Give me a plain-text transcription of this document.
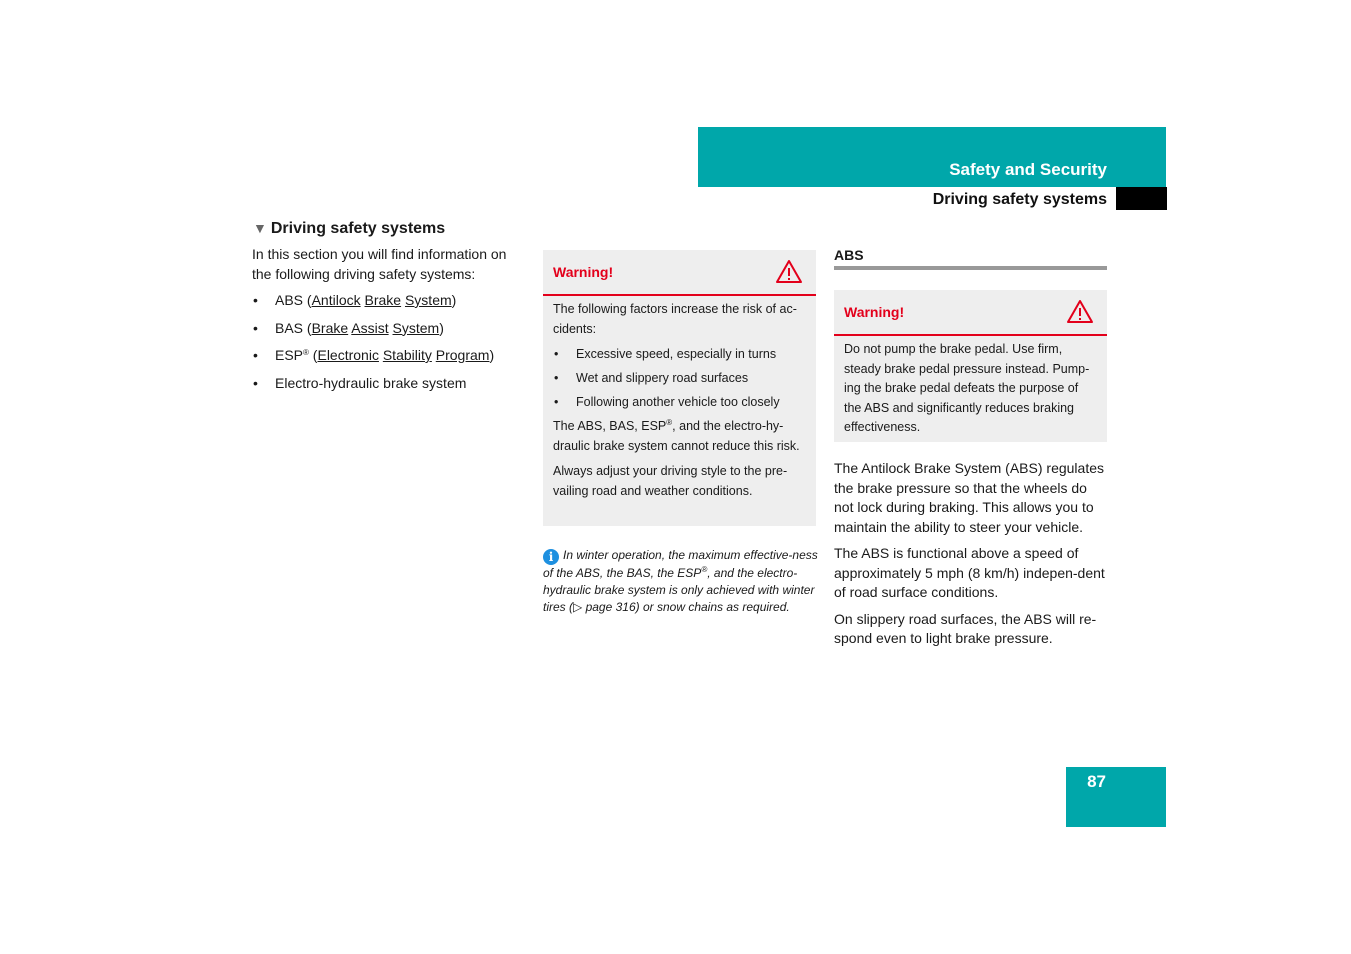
Safety and Security
Driving safety systems
▼ Driving safety systems
In this section you will find information on the following driving safety systems:
• ABS (Antilock Brake System)
• BAS (Brake Assist System)
• ESP® (Electronic Stability Program)
• Electro-hydraulic brake system
Warning!

The following factors increase the risk of ac-cidents:

• Excessive speed, especially in turns
• Wet and slippery road surfaces
• Following another vehicle too closely

The ABS, BAS, ESP®, and the electro-hy-draulic brake system cannot reduce this risk.

Always adjust your driving style to the pre-vailing road and weather conditions.

i In winter operation, the maximum effective-ness of the ABS, the BAS, the ESP®, and the electro-hydraulic brake system is only achieved with winter tires (▷ page 316) or snow chains as required.
ABS
Warning!

Do not pump the brake pedal. Use firm, steady brake pedal pressure instead. Pump-ing the brake pedal defeats the purpose of the ABS and significantly reduces braking effectiveness.

The Antilock Brake System (ABS) regulates the brake pressure so that the wheels do not lock during braking. This allows you to maintain the ability to steer your vehicle.

The ABS is functional above a speed of approximately 5 mph (8 km/h) indepen-dent of road surface conditions.

On slippery road surfaces, the ABS will re-spond even to light brake pressure.

87
